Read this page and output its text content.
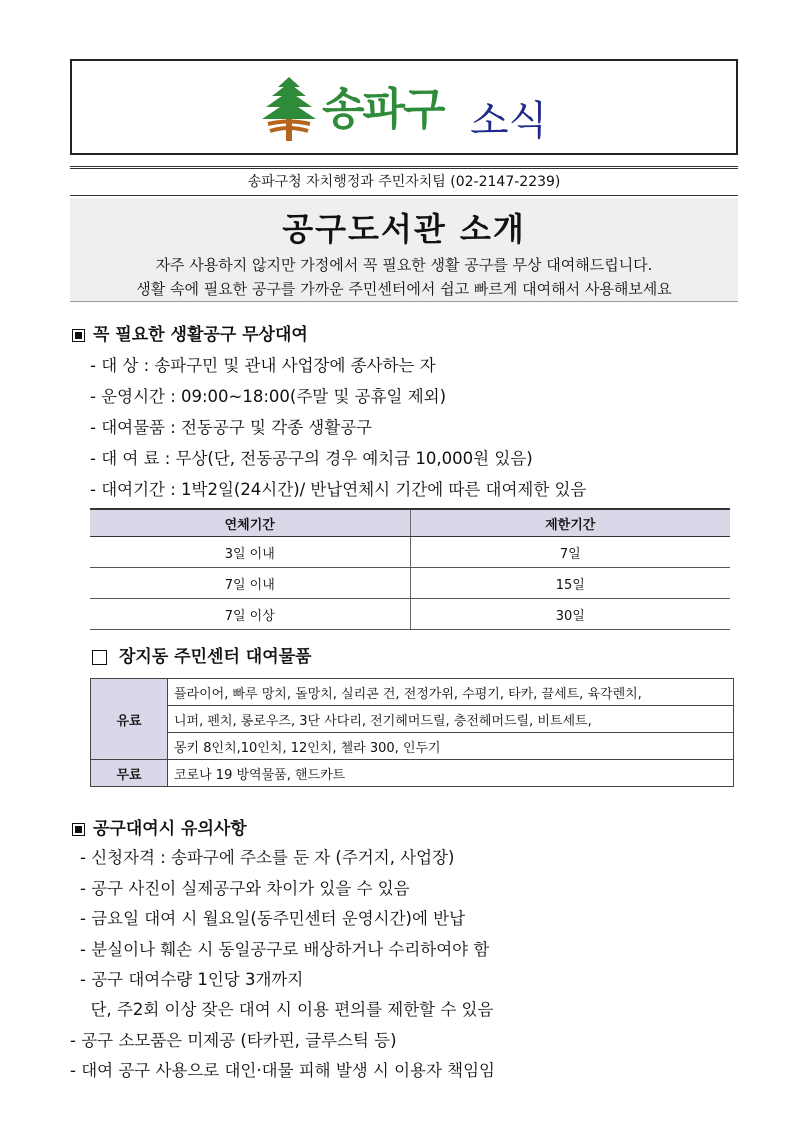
송파구 소식
송파구청 자치행정과 주민자치팀 (02-2147-2239)
공구도서관 소개
자주 사용하지 않지만 가정에서 꼭 필요한 생활 공구를 무상 대여해드립니다.
생활 속에 필요한 공구를 가까운 주민센터에서 쉽고 빠르게 대여해서 사용해보세요
꼭 필요한 생활공구 무상대여
- 대 상 : 송파구민 및 관내 사업장에 종사하는 자
- 운영시간 : 09:00~18:00(주말 및 공휴일 제외)
- 대여물품 : 전동공구 및 각종 생활공구
- 대 여 료 : 무상(단, 전동공구의 경우 예치금 10,000원 있음)
- 대여기간 : 1박2일(24시간)/ 반납연체시 기간에 따른 대여제한 있음
연체기간	제한기간
3일 이내	7일
7일 이내	15일
7일 이상	30일
장지동 주민센터 대여물품
유료	플라이어, 빠루 망치, 돌망치, 실리콘 건, 전정가위, 수평기, 타카, 끌세트, 육각렌치,
	니퍼, 펜치, 롱로우즈, 3단 사다리, 전기헤머드릴, 충전헤머드릴, 비트세트,
	몽키 8인치,10인치, 12인치, 첼라 300, 인두기
무료	코로나 19 방역물품, 핸드카트
공구대여시 유의사항
- 신청자격 : 송파구에 주소를 둔 자 (주거지, 사업장)
- 공구 사진이 실제공구와 차이가 있을 수 있음
- 금요일 대여 시 월요일(동주민센터 운영시간)에 반납
- 분실이나 훼손 시 동일공구로 배상하거나 수리하여야 함
- 공구 대여수량 1인당 3개까지
단, 주2회 이상 잦은 대여 시 이용 편의를 제한할 수 있음
- 공구 소모품은 미제공 (타카핀, 글루스틱 등)
- 대여 공구 사용으로 대인·대물 피해 발생 시 이용자 책임임
